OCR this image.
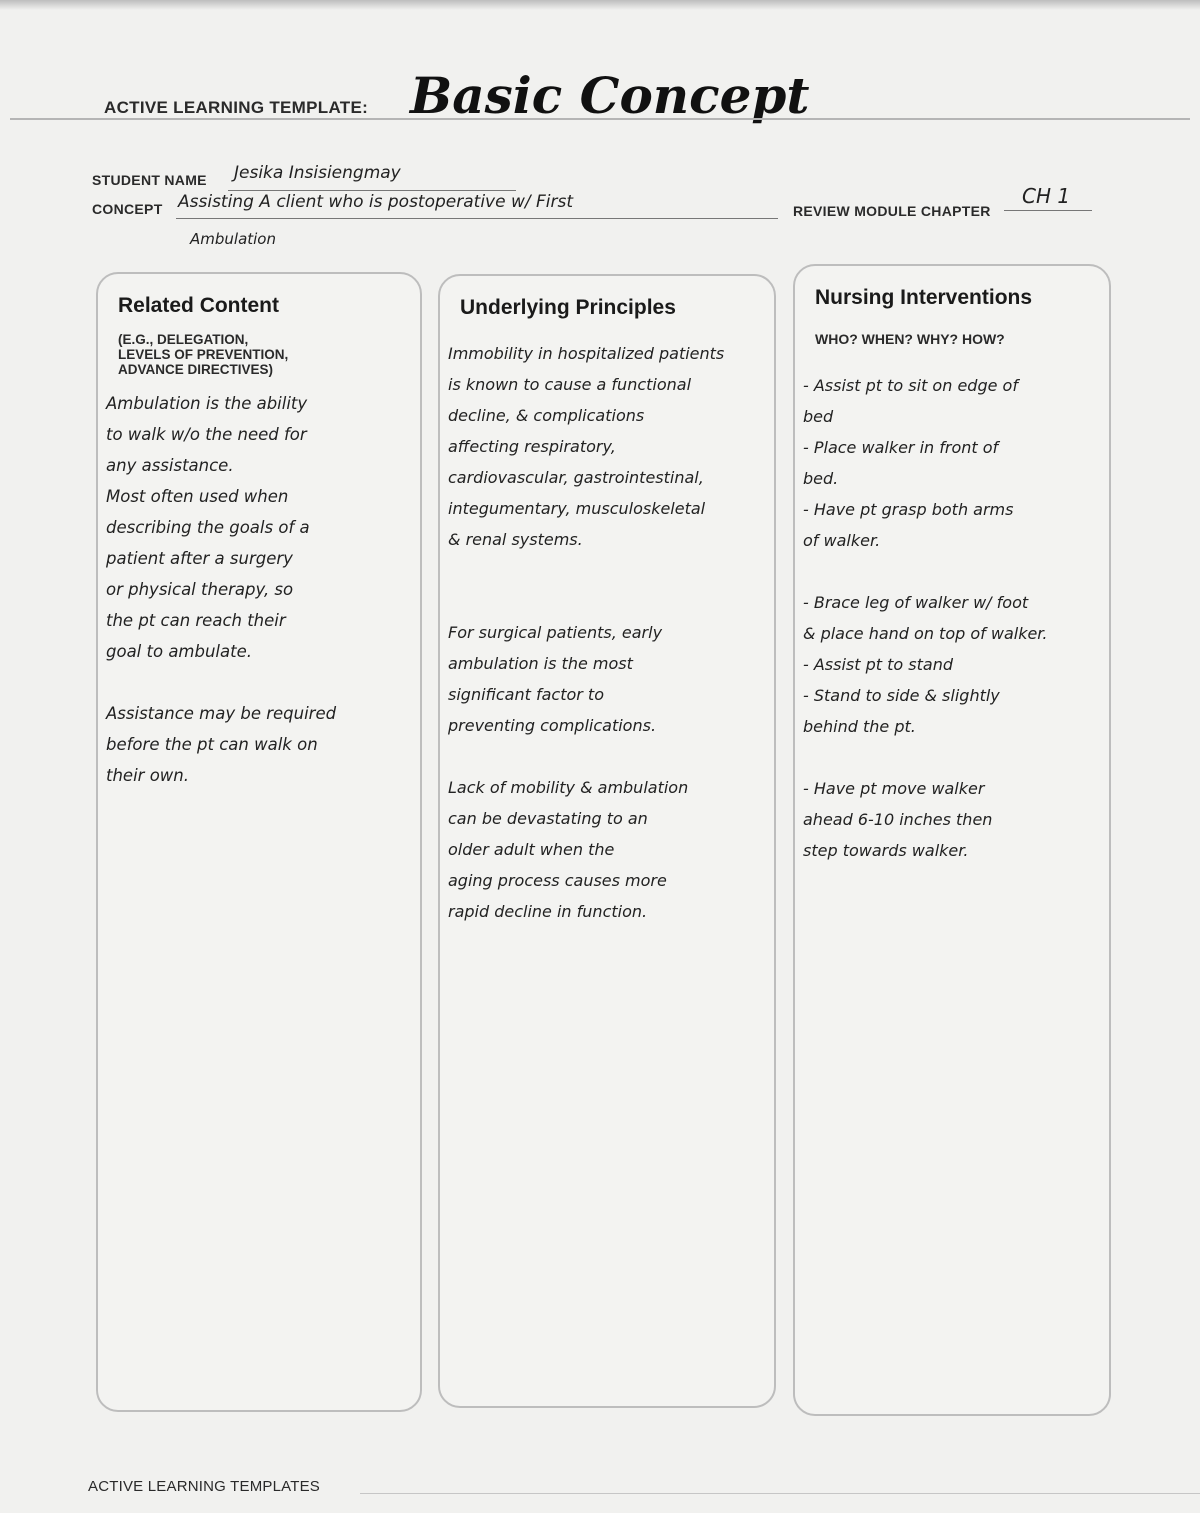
ACTIVE LEARNING TEMPLATE: Basic Concept
STUDENT NAME Jesika Insisiengmay
CONCEPT Assisting A client who is postoperative w/ First
Ambulation
REVIEW MODULE CHAPTER
CH 1
Related Content
(E.G., DELEGATION,
LEVELS OF PREVENTION,
ADVANCE DIRECTIVES)
Ambulation is the ability
to walk w/o the need for
any assistance.
Most often used when
describing the goals of a
patient after a surgery
or physical therapy, so
the pt can reach their
goal to ambulate.

Assistance may be required
before the pt can walk on
their own.
Underlying Principles
Immobility in hospitalized patients
is known to cause a functional
decline, & complications
affecting respiratory,
cardiovascular, gastrointestinal,
integumentary, musculoskeletal
& renal systems.

For surgical patients, early
ambulation is the most
significant factor to
preventing complications.

Lack of mobility & ambulation
can be devastating to an
older adult when the
aging process causes more
rapid decline in function.
Nursing Interventions
WHO? WHEN? WHY? HOW?
- Assist pt to sit on edge of
bed
- Place walker in front of
bed.
- Have pt grasp both arms
of walker.

- Brace leg of walker w/ foot
& place hand on top of walker.
- Assist pt to stand
- Stand to side & slightly
behind the pt.

- Have pt move walker
ahead 6-10 inches then
step towards walker.
ACTIVE LEARNING TEMPLATES
